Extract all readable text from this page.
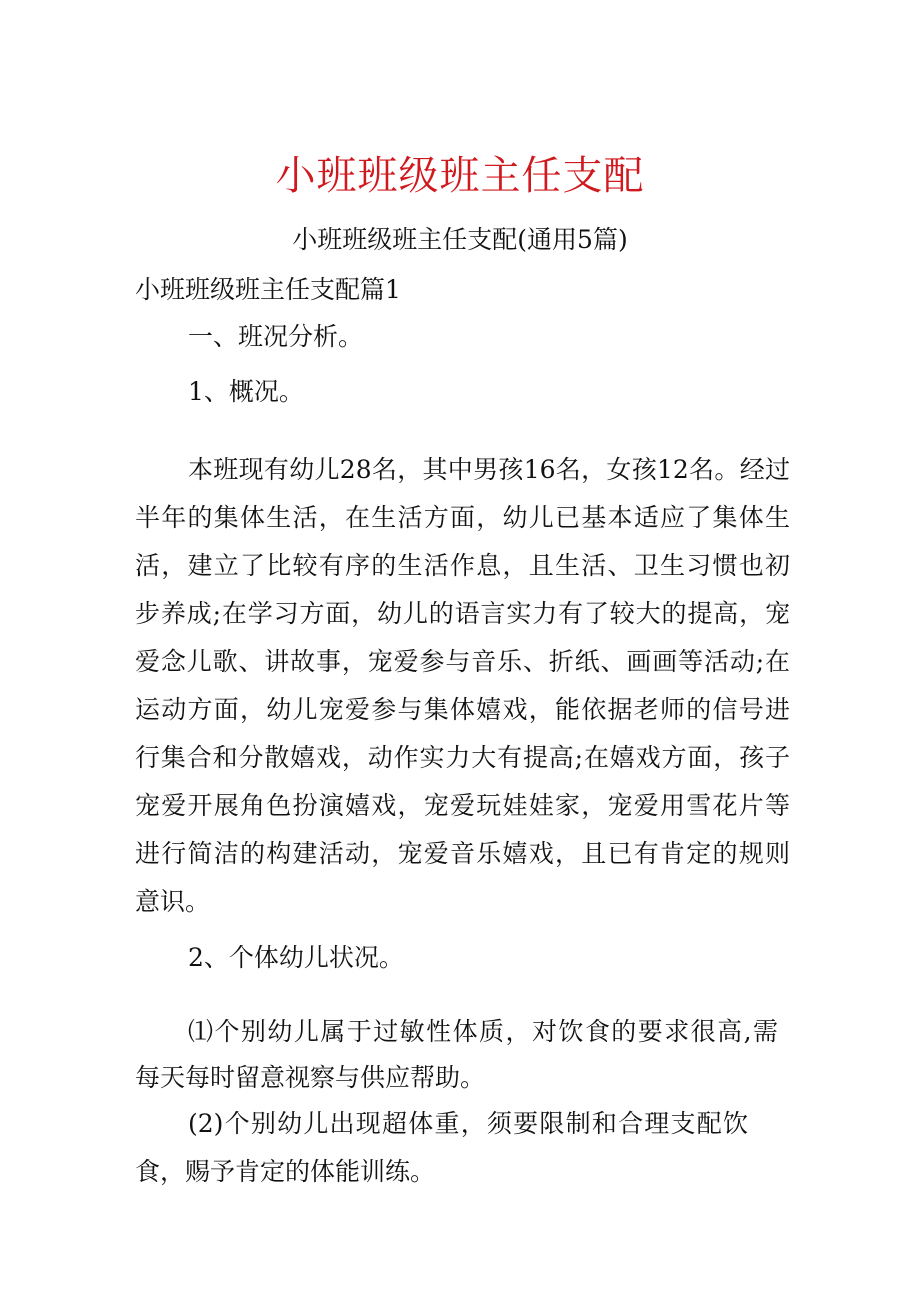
小班班级班主任支配
小班班级班主任支配(通用5篇)
小班班级班主任支配篇1
一、班况分析。
1、概况。
本班现有幼儿28名，其中男孩16名，女孩12名。经过
半年的集体生活，在生活方面，幼儿已基本适应了集体生
活，建立了比较有序的生活作息，且生活、卫生习惯也初
步养成;在学习方面，幼儿的语言实力有了较大的提高，宠
爱念儿歌、讲故事，宠爱参与音乐、折纸、画画等活动;在
运动方面，幼儿宠爱参与集体嬉戏，能依据老师的信号进
行集合和分散嬉戏，动作实力大有提高;在嬉戏方面，孩子
宠爱开展角色扮演嬉戏，宠爱玩娃娃家，宠爱用雪花片等
进行简洁的构建活动，宠爱音乐嬉戏，且已有肯定的规则
意识。
2、个体幼儿状况。
⑴个别幼儿属于过敏性体质，对饮食的要求很高,需
每天每时留意视察与供应帮助。
(2)个别幼儿出现超体重，须要限制和合理支配饮
食，赐予肯定的体能训练。
